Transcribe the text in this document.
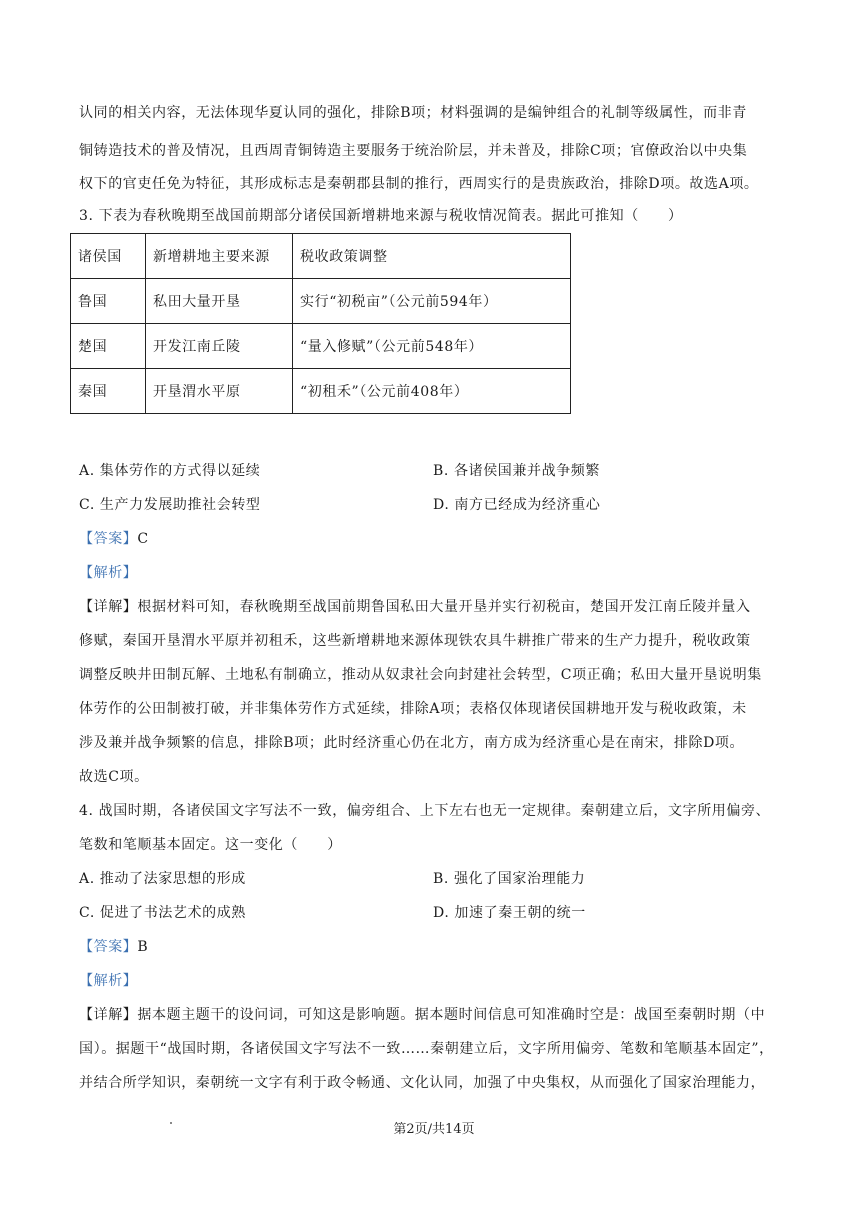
认同的相关内容，无法体现华夏认同的强化，排除B项；材料强调的是编钟组合的礼制等级属性，而非青
铜铸造技术的普及情况，且西周青铜铸造主要服务于统治阶层，并未普及，排除C项；官僚政治以中央集
权下的官吏任免为特征，其形成标志是秦朝郡县制的推行，西周实行的是贵族政治，排除D项。故选A项。
3. 下表为春秋晚期至战国前期部分诸侯国新增耕地来源与税收情况简表。据此可推知（　　）
诸侯国	新增耕地主要来源	税收政策调整
鲁国	私田大量开垦	实行“初税亩”（公元前594年）
楚国	开发江南丘陵	“量入修赋”（公元前548年）
秦国	开垦渭水平原	“初租禾”（公元前408年）
A. 集体劳作的方式得以延续	B. 各诸侯国兼并战争频繁
C. 生产力发展助推社会转型	D. 南方已经成为经济重心
【答案】C
【解析】
【详解】根据材料可知，春秋晚期至战国前期鲁国私田大量开垦并实行初税亩，楚国开发江南丘陵并量入
修赋，秦国开垦渭水平原并初租禾，这些新增耕地来源体现铁农具牛耕推广带来的生产力提升，税收政策
调整反映井田制瓦解、土地私有制确立，推动从奴隶社会向封建社会转型，C项正确；私田大量开垦说明集
体劳作的公田制被打破，并非集体劳作方式延续，排除A项；表格仅体现诸侯国耕地开发与税收政策，未
涉及兼并战争频繁的信息，排除B项；此时经济重心仍在北方，南方成为经济重心是在南宋，排除D项。
故选C项。
4. 战国时期，各诸侯国文字写法不一致，偏旁组合、上下左右也无一定规律。秦朝建立后，文字所用偏旁、
笔数和笔顺基本固定。这一变化（　　）
A. 推动了法家思想的形成	B. 强化了国家治理能力
C. 促进了书法艺术的成熟	D. 加速了秦王朝的统一
【答案】B
【解析】
【详解】据本题主题干的设问词，可知这是影响题。据本题时间信息可知准确时空是：战国至秦朝时期（中
国）。据题干“战国时期，各诸侯国文字写法不一致……秦朝建立后，文字所用偏旁、笔数和笔顺基本固定”，
并结合所学知识，秦朝统一文字有利于政令畅通、文化认同，加强了中央集权，从而强化了国家治理能力，
第2页/共14页
